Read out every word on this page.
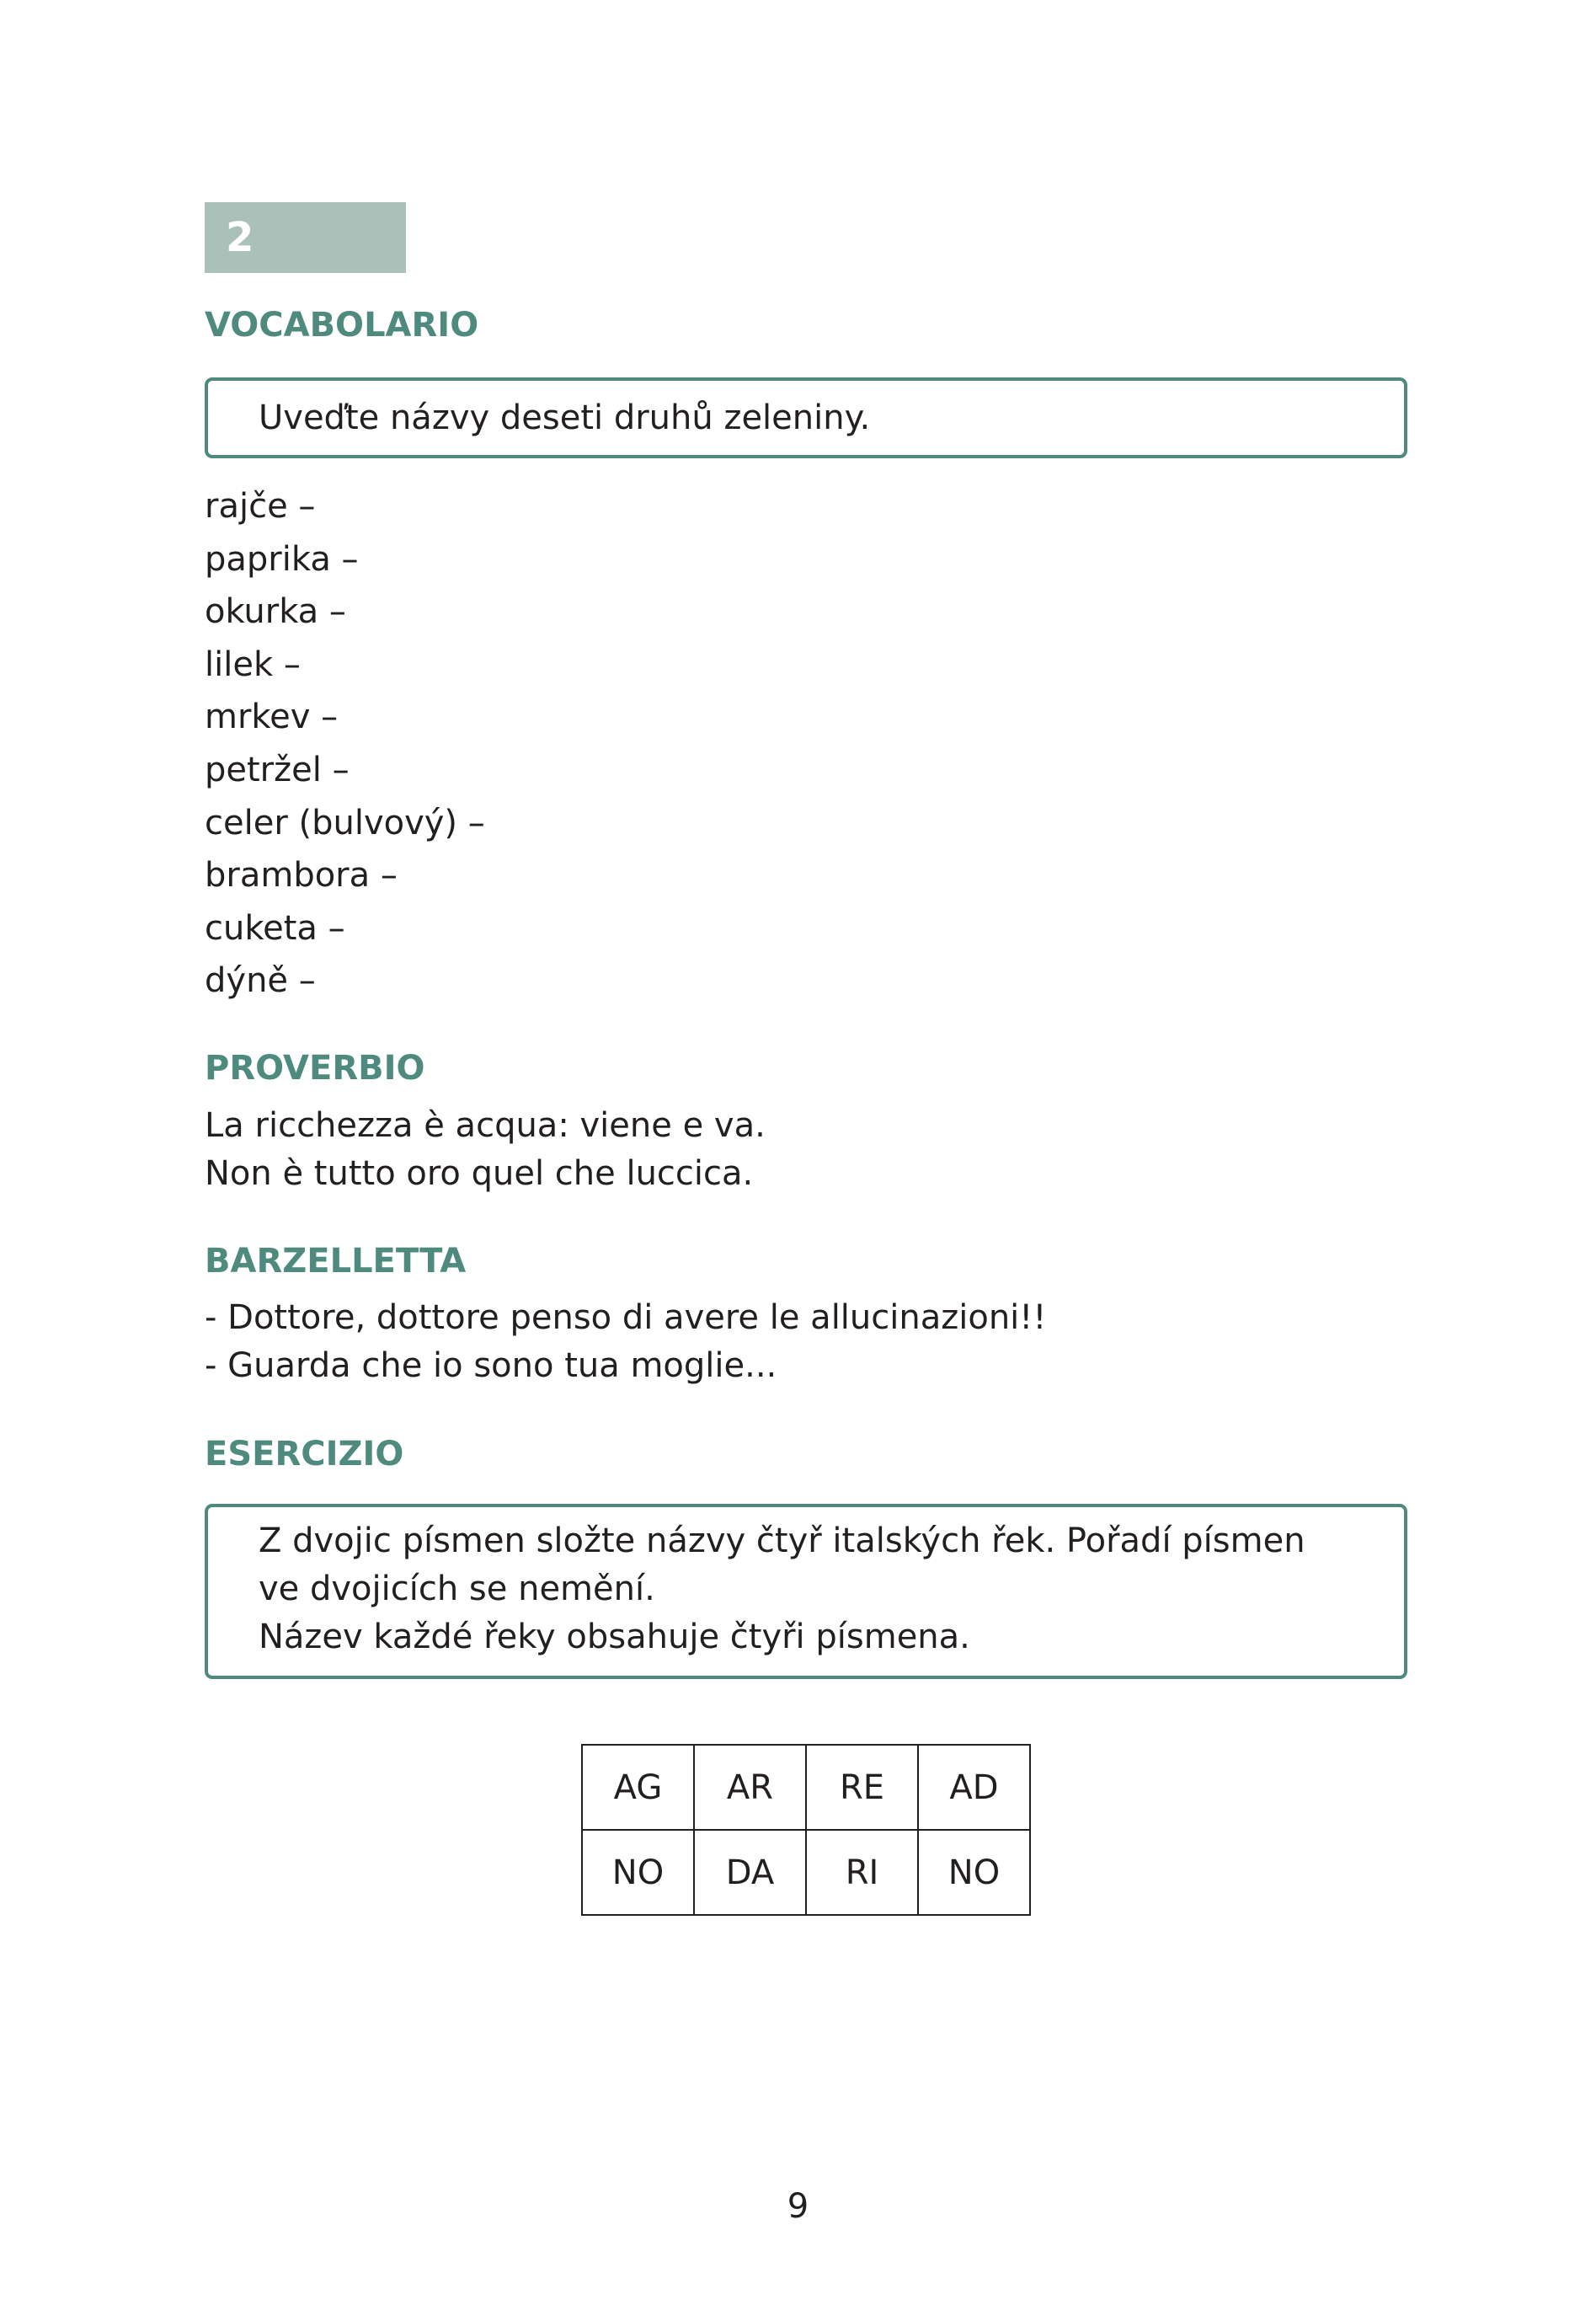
2
VOCABOLARIO

Uveďte názvy deseti druhů zeleniny.

rajče –
paprika –
okurka –
lilek –
mrkev –
petržel –
celer (bulvový) –
brambora –
cuketa –
dýně –
PROVERBIO

La ricchezza è acqua: viene e va.

Non è tutto oro quel che luccica.

BARZELLETTA

- Dottore, dottore penso di avere le allucinazioni!!

- Guarda che io sono tua moglie...

ESERCIZIO

Z dvojic písmen složte názvy čtyř italských řek. Pořadí písmen

ve dvojicích se nemění.

Název každé řeky obsahuje čtyři písmena.

AG	AR	RE	AD
NO	DA	RI	NO
9
